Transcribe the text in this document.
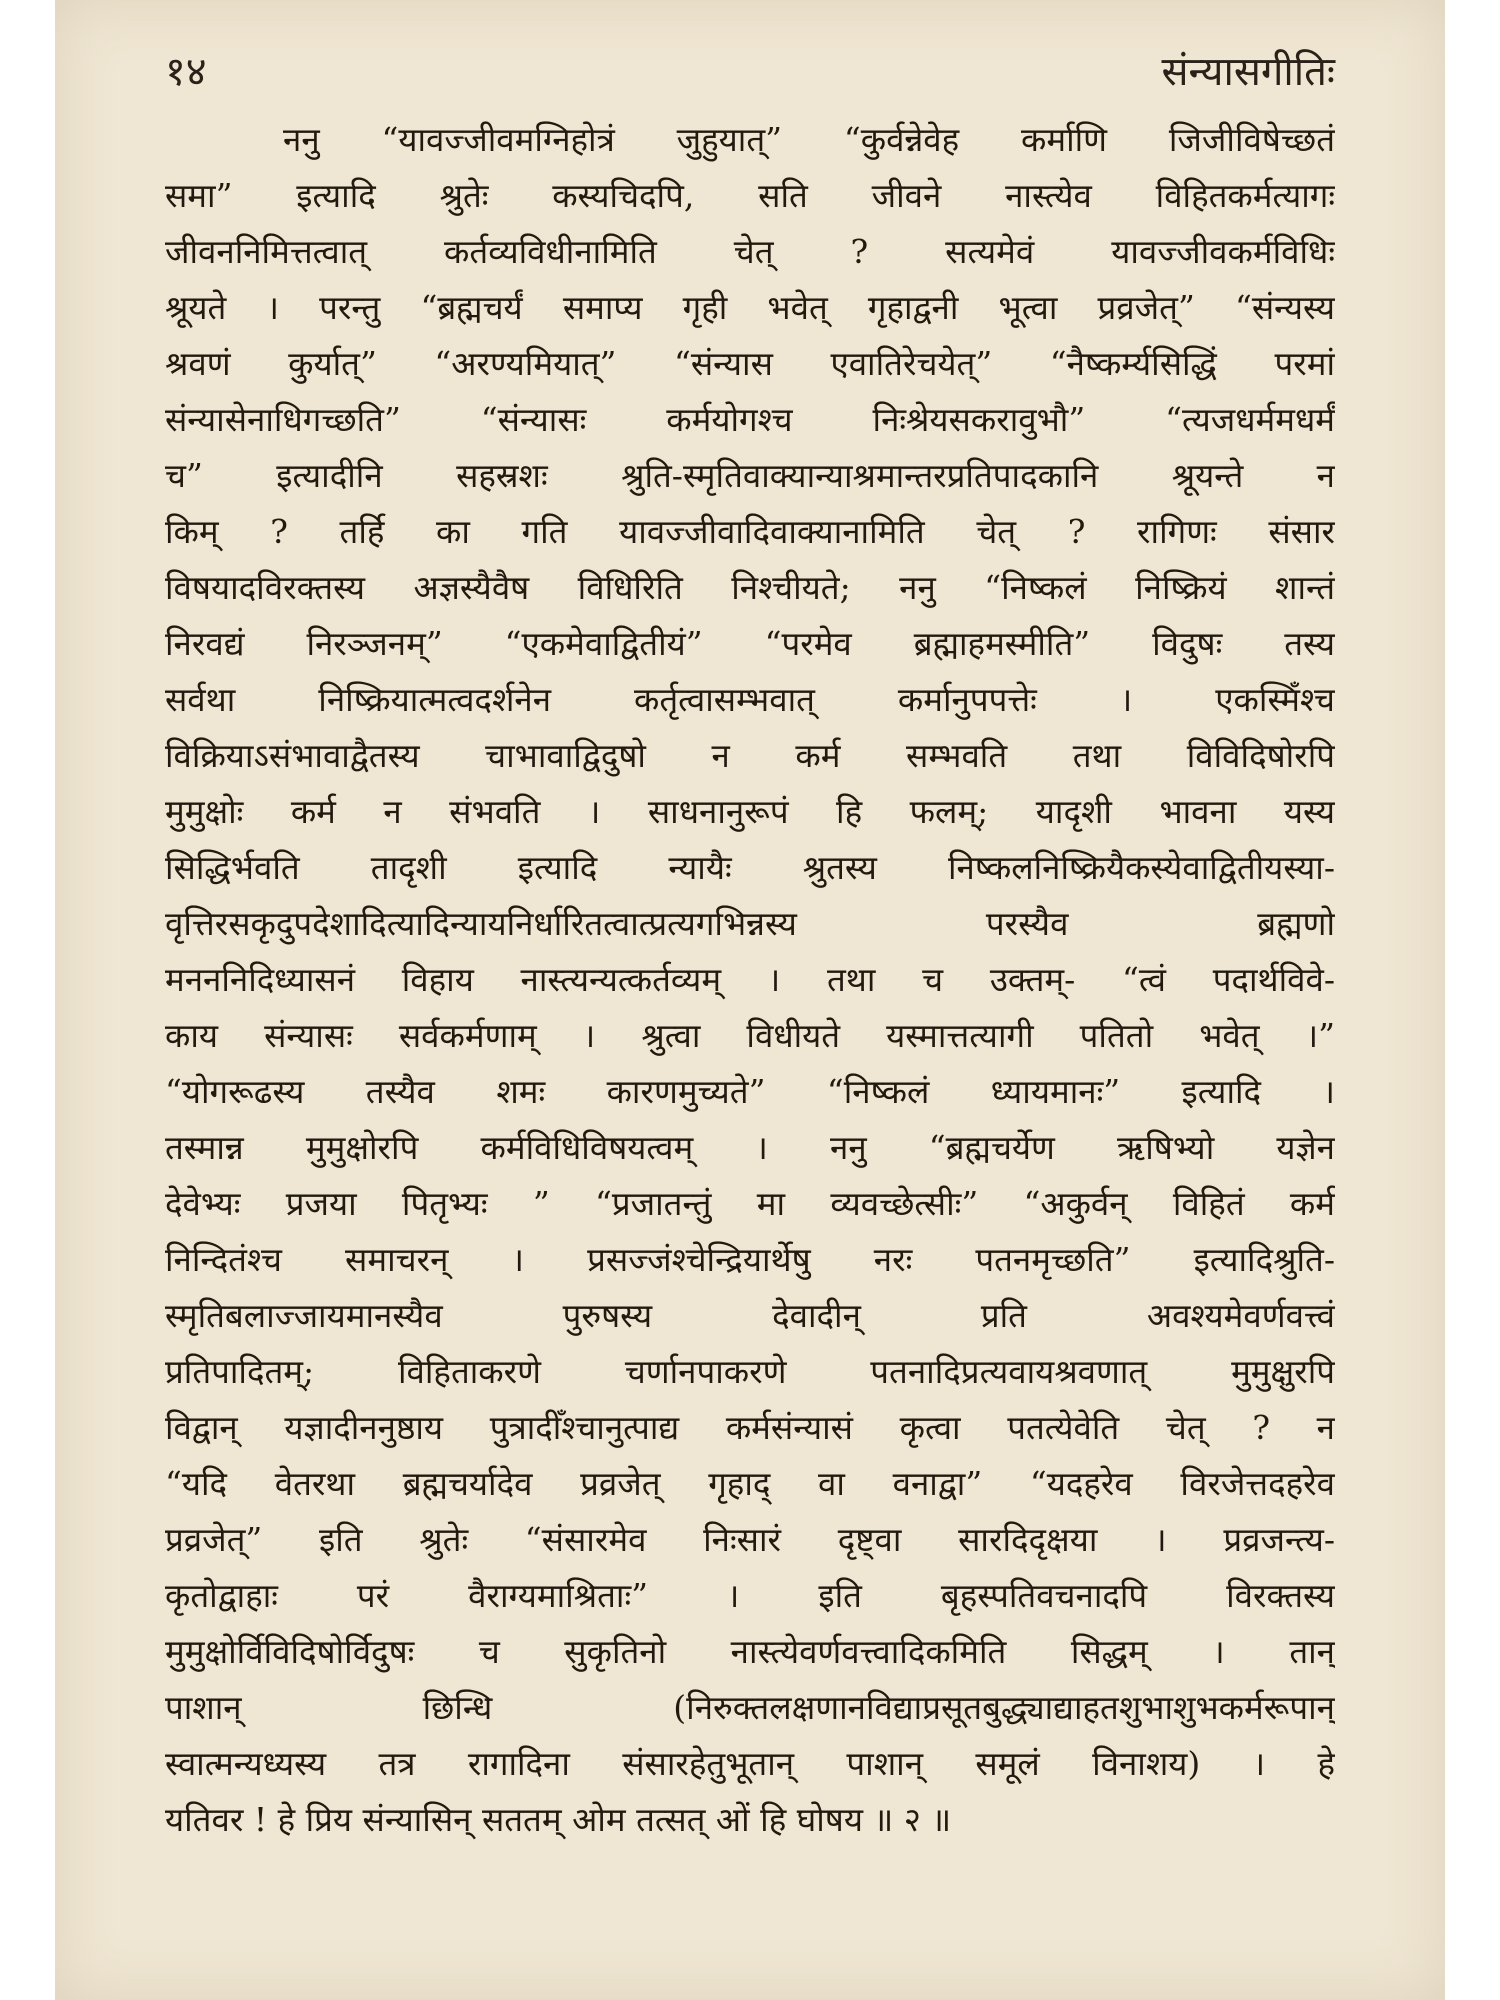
१४	संन्यासगीतिः
ननु “यावज्जीवमग्निहोत्रं जुहुयात्” “कुर्वन्नेवेह कर्माणि जिजीविषेच्छतं
समा” इत्यादि श्रुतेः कस्यचिदपि, सति जीवने नास्त्येव विहितकर्मत्यागः
जीवननिमित्तत्वात् कर्तव्यविधीनामिति चेत् ? सत्यमेवं यावज्जीवकर्मविधिः
श्रूयते । परन्तु “ब्रह्मचर्यं समाप्य गृही भवेत् गृहाद्वनी भूत्वा प्रव्रजेत्” “संन्यस्य
श्रवणं कुर्यात्” “अरण्यमियात्” “संन्यास एवातिरेचयेत्” “नैष्कर्म्यसिद्धिं परमां
संन्यासेनाधिगच्छति” “संन्यासः कर्मयोगश्च निःश्रेयसकरावुभौ” “त्यजधर्ममधर्मं
च” इत्यादीनि सहस्रशः श्रुति-स्मृतिवाक्यान्याश्रमान्तरप्रतिपादकानि श्रूयन्ते न
किम् ? तर्हि का गति यावज्जीवादिवाक्यानामिति चेत् ? रागिणः संसार
विषयादविरक्तस्य अज्ञस्यैवैष विधिरिति निश्चीयते; ननु “निष्कलं निष्क्रियं शान्तं
निरवद्यं निरञ्जनम्” “एकमेवाद्वितीयं” “परमेव ब्रह्माहमस्मीति” विदुषः तस्य
सर्वथा निष्क्रियात्मत्वदर्शनेन कर्तृत्वासम्भवात् कर्मानुपपत्तेः । एकस्मिँश्च
विक्रियाऽसंभावाद्वैतस्य चाभावाद्विदुषो न कर्म सम्भवति तथा विविदिषोरपि
मुमुक्षोः कर्म न संभवति । साधनानुरूपं हि फलम्; यादृशी भावना यस्य
सिद्धिर्भवति तादृशी इत्यादि न्यायैः श्रुतस्य निष्कलनिष्क्रियैकस्येवाद्वितीयस्या-
वृत्तिरसकृदुपदेशादित्यादिन्यायनिर्धारितत्वात्प्रत्यगभिन्नस्य परस्यैव ब्रह्मणो
मनननिदिध्यासनं विहाय नास्त्यन्यत्कर्तव्यम् । तथा च उक्तम्- “त्वं पदार्थविवे-
काय संन्यासः सर्वकर्मणाम् । श्रुत्वा विधीयते यस्मात्तत्यागी पतितो भवेत् ।”
“योगरूढस्य तस्यैव शमः कारणमुच्यते” “निष्कलं ध्यायमानः” इत्यादि ।
तस्मान्न मुमुक्षोरपि कर्मविधिविषयत्वम् । ननु “ब्रह्मचर्येण ऋषिभ्यो यज्ञेन
देवेभ्यः प्रजया पितृभ्यः ” “प्रजातन्तुं मा व्यवच्छेत्सीः” “अकुर्वन् विहितं कर्म
निन्दितंश्च समाचरन् । प्रसज्जंश्चेन्द्रियार्थेषु नरः पतनमृच्छति” इत्यादिश्रुति-
स्मृतिबलाज्जायमानस्यैव पुरुषस्य देवादीन् प्रति अवश्यमेवर्णवत्त्वं
प्रतिपादितम्; विहिताकरणे चर्णानपाकरणे पतनादिप्रत्यवायश्रवणात् मुमुक्षुरपि
विद्वान् यज्ञादीननुष्ठाय पुत्रादीँश्चानुत्पाद्य कर्मसंन्यासं कृत्वा पतत्येवेति चेत् ? न
“यदि वेतरथा ब्रह्मचर्यादेव प्रव्रजेत् गृहाद् वा वनाद्वा” “यदहरेव विरजेत्तदहरेव
प्रव्रजेत्” इति श्रुतेः “संसारमेव निःसारं दृष्ट्वा सारदिदृक्षया । प्रव्रजन्त्य-
कृतोद्वाहाः परं वैराग्यमाश्रिताः” । इति बृहस्पतिवचनादपि विरक्तस्य
मुमुक्षोर्विविदिषोर्विदुषः च सुकृतिनो नास्त्येवर्णवत्त्वादिकमिति सिद्धम् । तान्
पाशान् छिन्धि (निरुक्तलक्षणानविद्याप्रसूतबुद्ध्याद्याहतशुभाशुभकर्मरूपान्
स्वात्मन्यध्यस्य तत्र रागादिना संसारहेतुभूतान् पाशान् समूलं विनाशय) । हे
यतिवर ! हे प्रिय संन्यासिन् सततम् ओम तत्सत् ओं हि घोषय ॥ २ ॥
